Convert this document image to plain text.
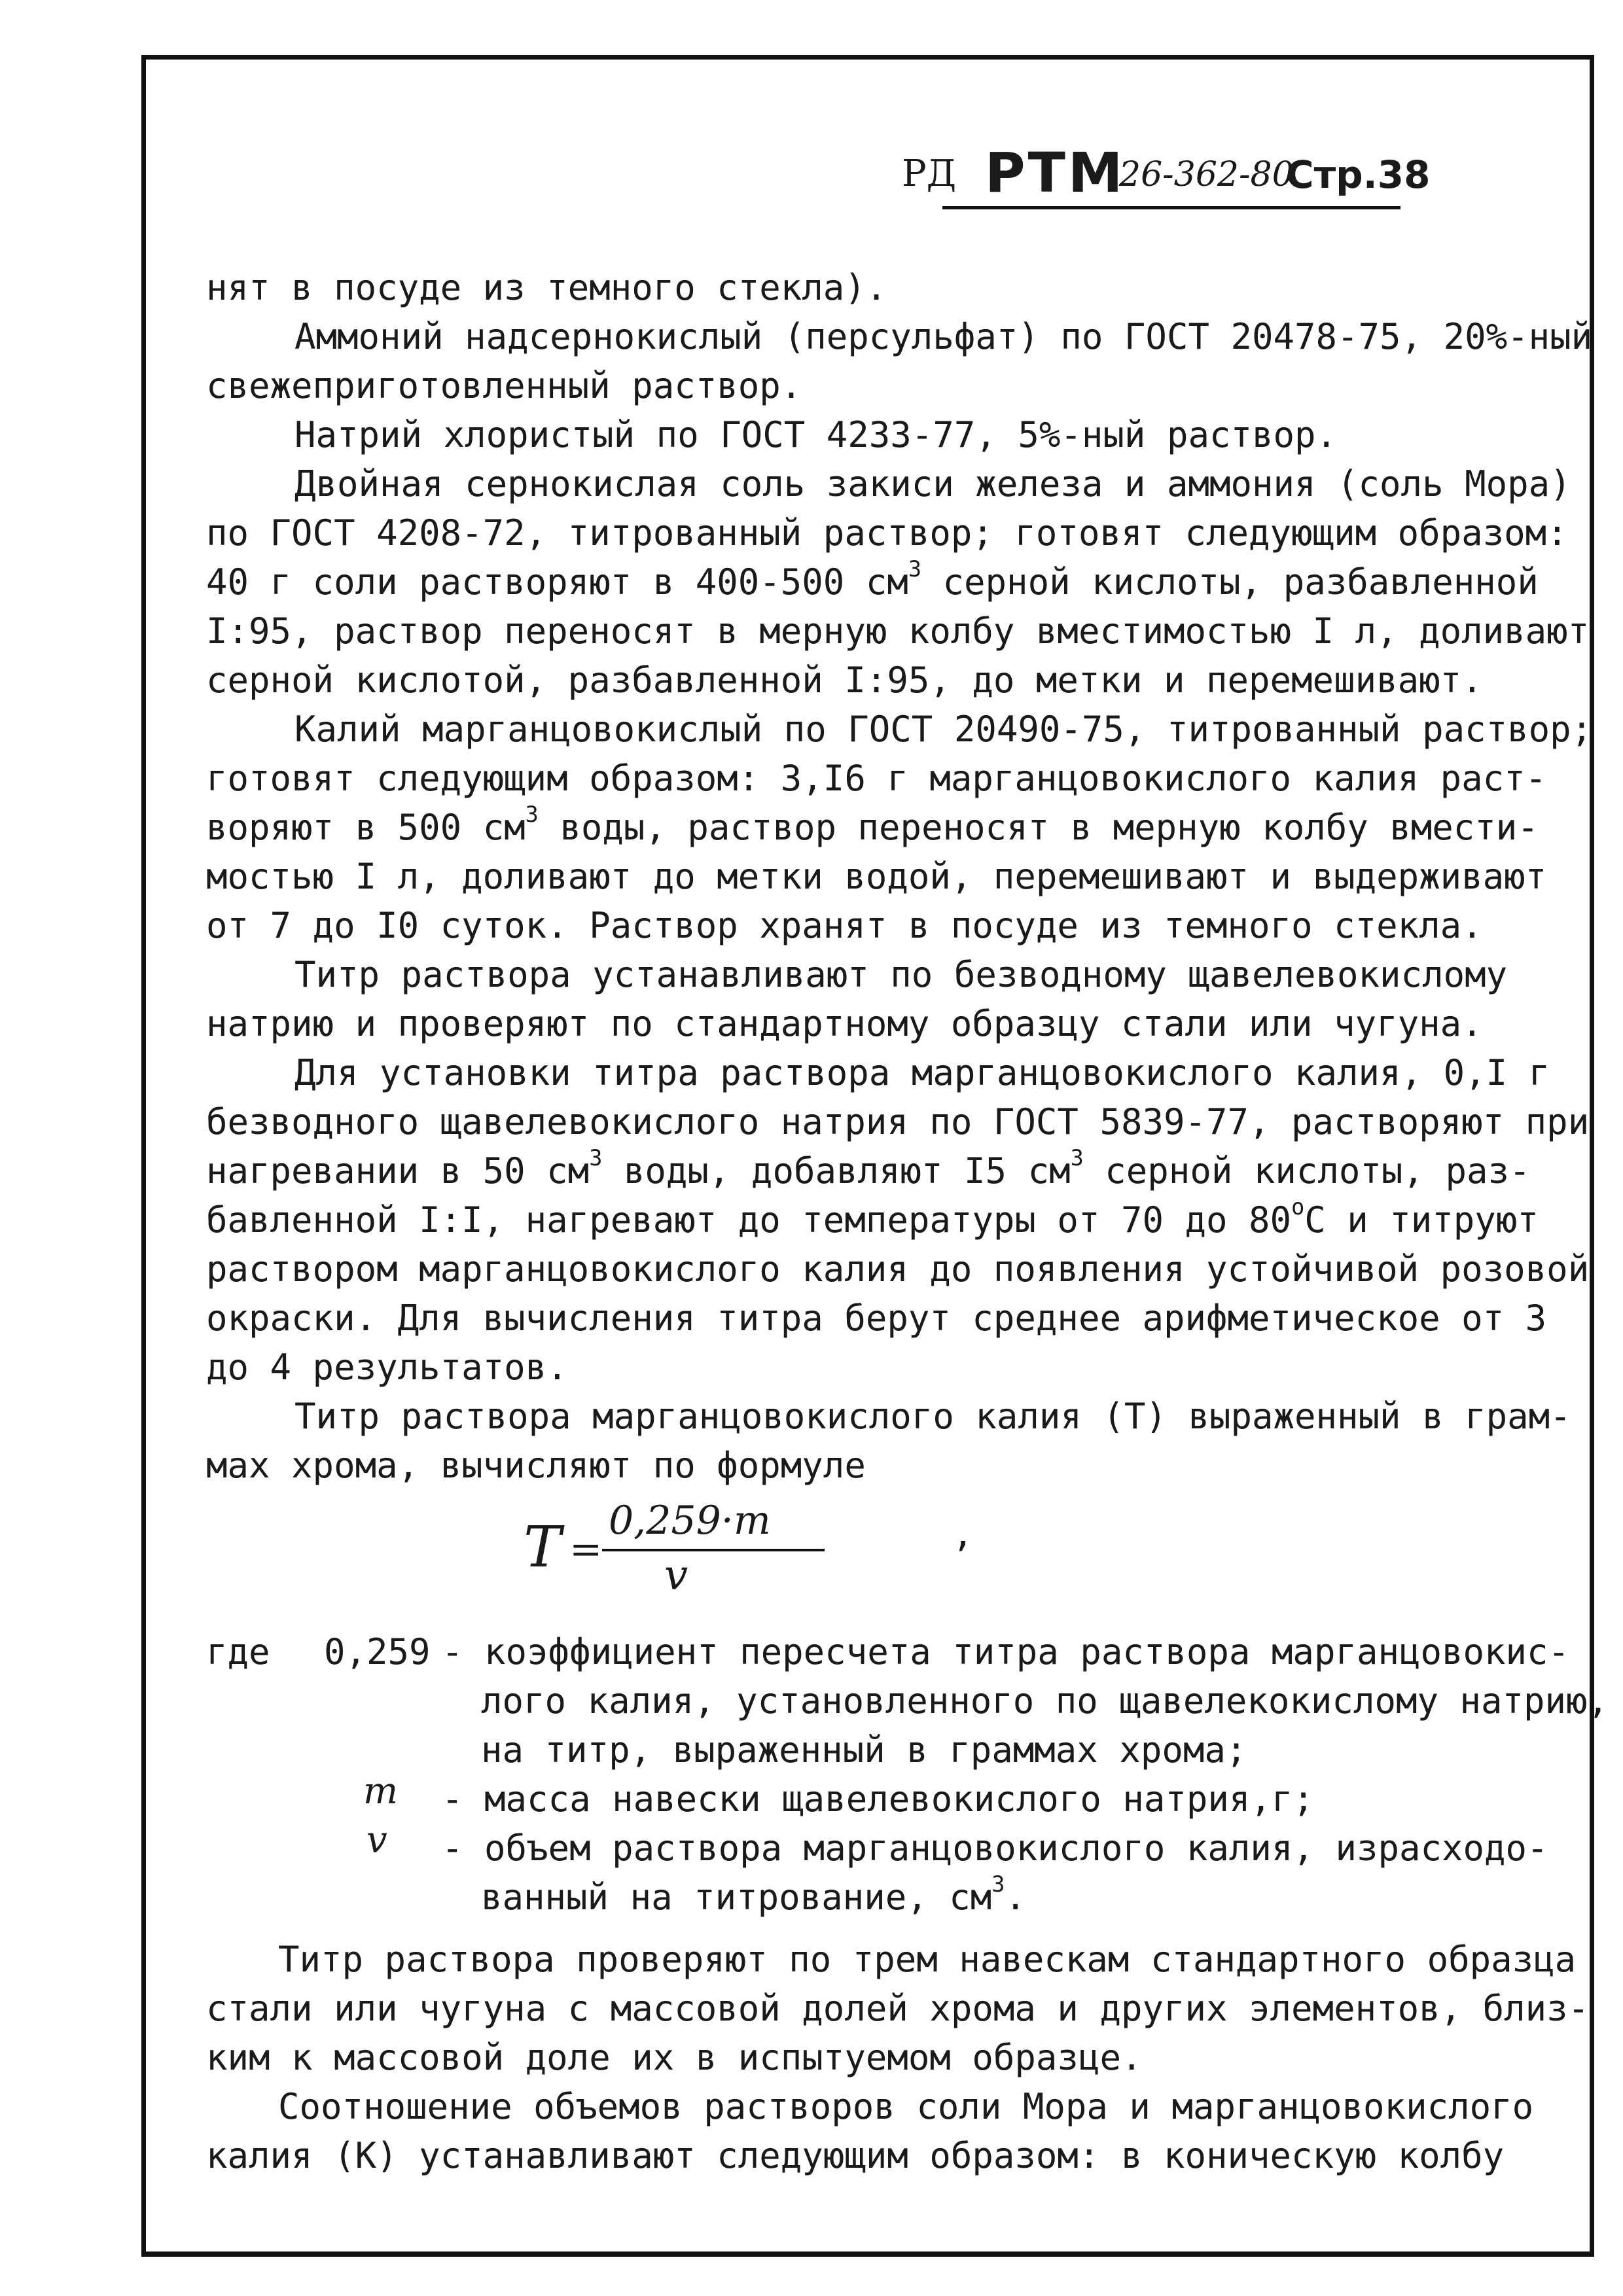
РД РТМ
26-362-80
Стр.38
нят в посуде из темного стекла).
Аммоний надсернокислый (персульфат) по ГОСТ 20478-75, 20%-ный
свежеприготовленный раствор.
Натрий хлористый по ГОСТ 4233-77, 5%-ный раствор.
Двойная сернокислая соль закиси железа и аммония (соль Мора)
по ГОСТ 4208-72, титрованный раствор; готовят следующим образом:
40 г соли растворяют в 400-500 $см^3$ серной кислоты, разбавленной
I:95, раствор переносят в мерную колбу вместимостью I л, доливают
серной кислотой, разбавленной I:95, до метки и перемешивают.
Калий марганцовокислый по ГОСТ 20490-75, титрованный раствор;
готовят следующим образом: 3,I6 г марганцовокислого калия раст-
воряют в 500 $см^3$ воды, раствор переносят в мерную колбу вмести-
мостью I л, доливают до метки водой, перемешивают и выдерживают
от 7 до I0 суток. Раствор хранят в посуде из темного стекла.
Титр раствора устанавливают по безводному щавелевокислому
натрию и проверяют по стандартному образцу стали или чугуна.
Для установки титра раствора марганцовокислого калия, 0,I г
безводного щавелевокислого натрия по ГОСТ 5839-77, растворяют при
нагревании в 50 $см^3$ воды, добавляют I5 $см^3$ серной кислоты, раз-
бавленной I:I, нагревают до температуры от 70 до $80^оС$ и титруют
раствором марганцовокислого калия до появления устойчивой розовой
окраски. Для вычисления титра берут среднее арифметическое от 3
до 4 результатов.
Титр раствора марганцовокислого калия (Т) выраженный в грам-
мах хрома, вычисляют по формуле
T =
0,259·m
v
,
где 0,259 - коэффициент пересчета титра раствора марганцовокис-
лого калия, установленного по щавелекокислому натрию,
на титр, выраженный в граммах хрома;
m - масса навески щавелевокислого натрия,г;
v - объем раствора марганцовокислого калия, израсходо-
ванный на титрование, $см^3$.
Титр раствора проверяют по трем навескам стандартного образца
стали или чугуна с массовой долей хрома и других элементов, близ-
ким к массовой доле их в испытуемом образце.
Соотношение объемов растворов соли Мора и марганцовокислого
калия (К) устанавливают следующим образом: в коническую колбу
